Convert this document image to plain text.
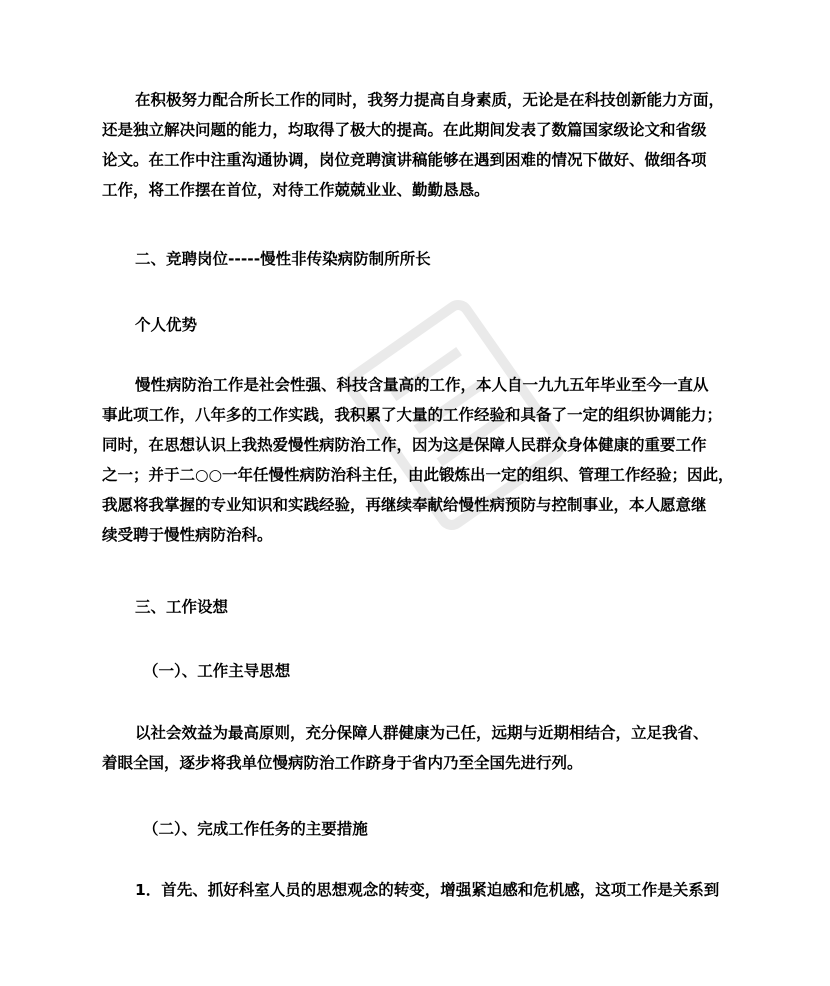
在积极努力配合所长工作的同时，我努力提高自身素质，无论是在科技创新能力方面，
还是独立解决问题的能力，均取得了极大的提高。在此期间发表了数篇国家级论文和省级
论文。在工作中注重沟通协调，岗位竞聘演讲稿能够在遇到困难的情况下做好、做细各项
工作，将工作摆在首位，对待工作兢兢业业、勤勤恳恳。
二、竞聘岗位-----慢性非传染病防制所所长
个人优势
慢性病防治工作是社会性强、科技含量高的工作，本人自一九九五年毕业至今一直从
事此项工作，八年多的工作实践，我积累了大量的工作经验和具备了一定的组织协调能力；
同时，在思想认识上我热爱慢性病防治工作，因为这是保障人民群众身体健康的重要工作
之一；并于二○○一年任慢性病防治科主任，由此锻炼出一定的组织、管理工作经验；因此，
我愿将我掌握的专业知识和实践经验，再继续奉献给慢性病预防与控制事业，本人愿意继
续受聘于慢性病防治科。
三、工作设想
（一）、工作主导思想
以社会效益为最高原则，充分保障人群健康为己任，远期与近期相结合，立足我省、
着眼全国，逐步将我单位慢病防治工作跻身于省内乃至全国先进行列。
（二）、完成工作任务的主要措施
1．首先、抓好科室人员的思想观念的转变，增强紧迫感和危机感，这项工作是关系到
